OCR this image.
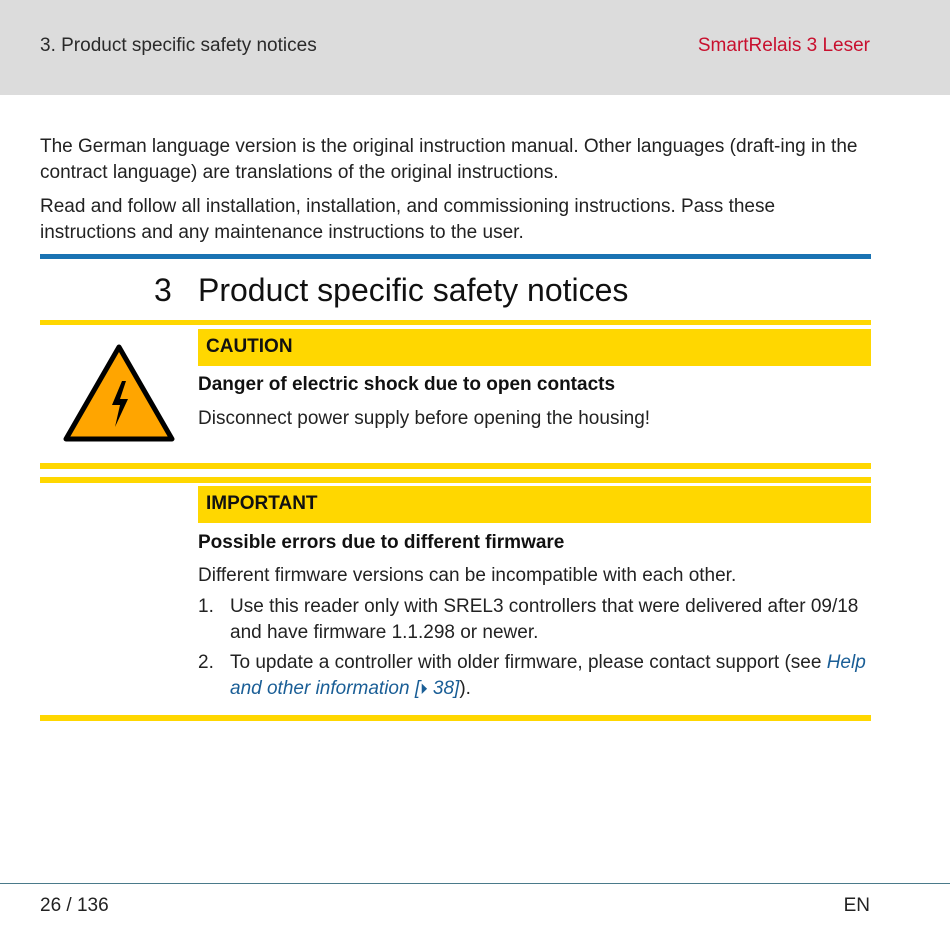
3. Product specific safety notices	SmartRelais 3 Leser

The German language version is the original instruction manual. Other languages (draft-ing in the contract language) are translations of the original instructions.

Read and follow all installation, installation, and commissioning instructions. Pass these instructions and any maintenance instructions to the user.

3 Product specific safety notices
CAUTION
Danger of electric shock due to open contacts
Disconnect power supply before opening the housing!
IMPORTANT
Possible errors due to different firmware
Different firmware versions can be incompatible with each other.
1. Use this reader only with SREL3 controllers that were delivered after 09/18 and have firmware 1.1.298 or newer.
2. To update a controller with older firmware, please contact support (see Help and other information [⏵ 38]).
26 / 136	EN
